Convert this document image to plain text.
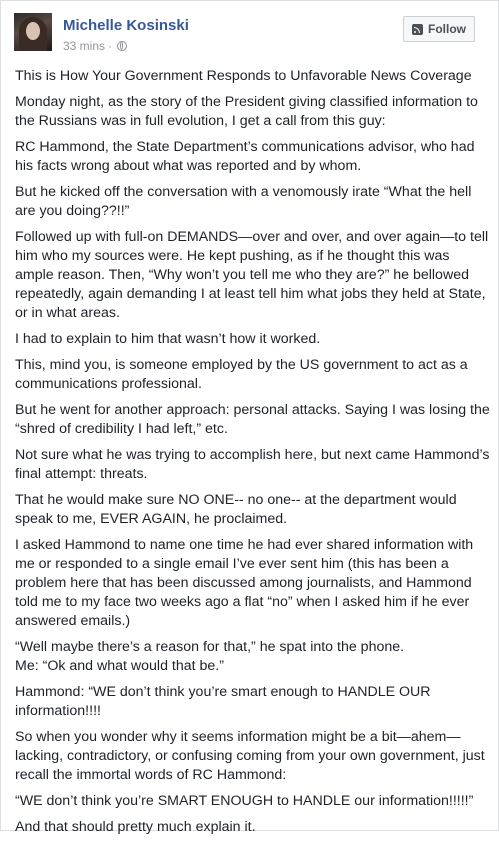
Michelle Kosinski
33 mins ·
Follow

This is How Your Government Responds to Unfavorable News Coverage

Monday night, as the story of the President giving classified information to the Russians was in full evolution, I get a call from this guy:

RC Hammond, the State Department’s communications advisor, who had his facts wrong about what was reported and by whom.

But he kicked off the conversation with a venomously irate “What the hell are you doing??!!”

Followed up with full-on DEMANDS—over and over, and over again—to tell him who my sources were. He kept pushing, as if he thought this was ample reason. Then, “Why won’t you tell me who they are?” he bellowed repeatedly, again demanding I at least tell him what jobs they held at State, or in what areas.

I had to explain to him that wasn’t how it worked.

This, mind you, is someone employed by the US government to act as a communications professional.

But he went for another approach: personal attacks. Saying I was losing the “shred of credibility I had left,” etc.

Not sure what he was trying to accomplish here, but next came Hammond’s final attempt: threats.

That he would make sure NO ONE-- no one-- at the department would speak to me, EVER AGAIN, he proclaimed.

I asked Hammond to name one time he had ever shared information with me or responded to a single email I’ve ever sent him (this has been a problem here that has been discussed among journalists, and Hammond told me to my face two weeks ago a flat “no” when I asked him if he ever answered emails.)

“Well maybe there’s a reason for that,” he spat into the phone.

Me: “Ok and what would that be.”

Hammond: “WE don’t think you’re smart enough to HANDLE OUR information!!!!

So when you wonder why it seems information might be a bit—ahem—lacking, contradictory, or confusing coming from your own government, just recall the immortal words of RC Hammond:

“WE don’t think you’re SMART ENOUGH to HANDLE our information!!!!!”

And that should pretty much explain it.
